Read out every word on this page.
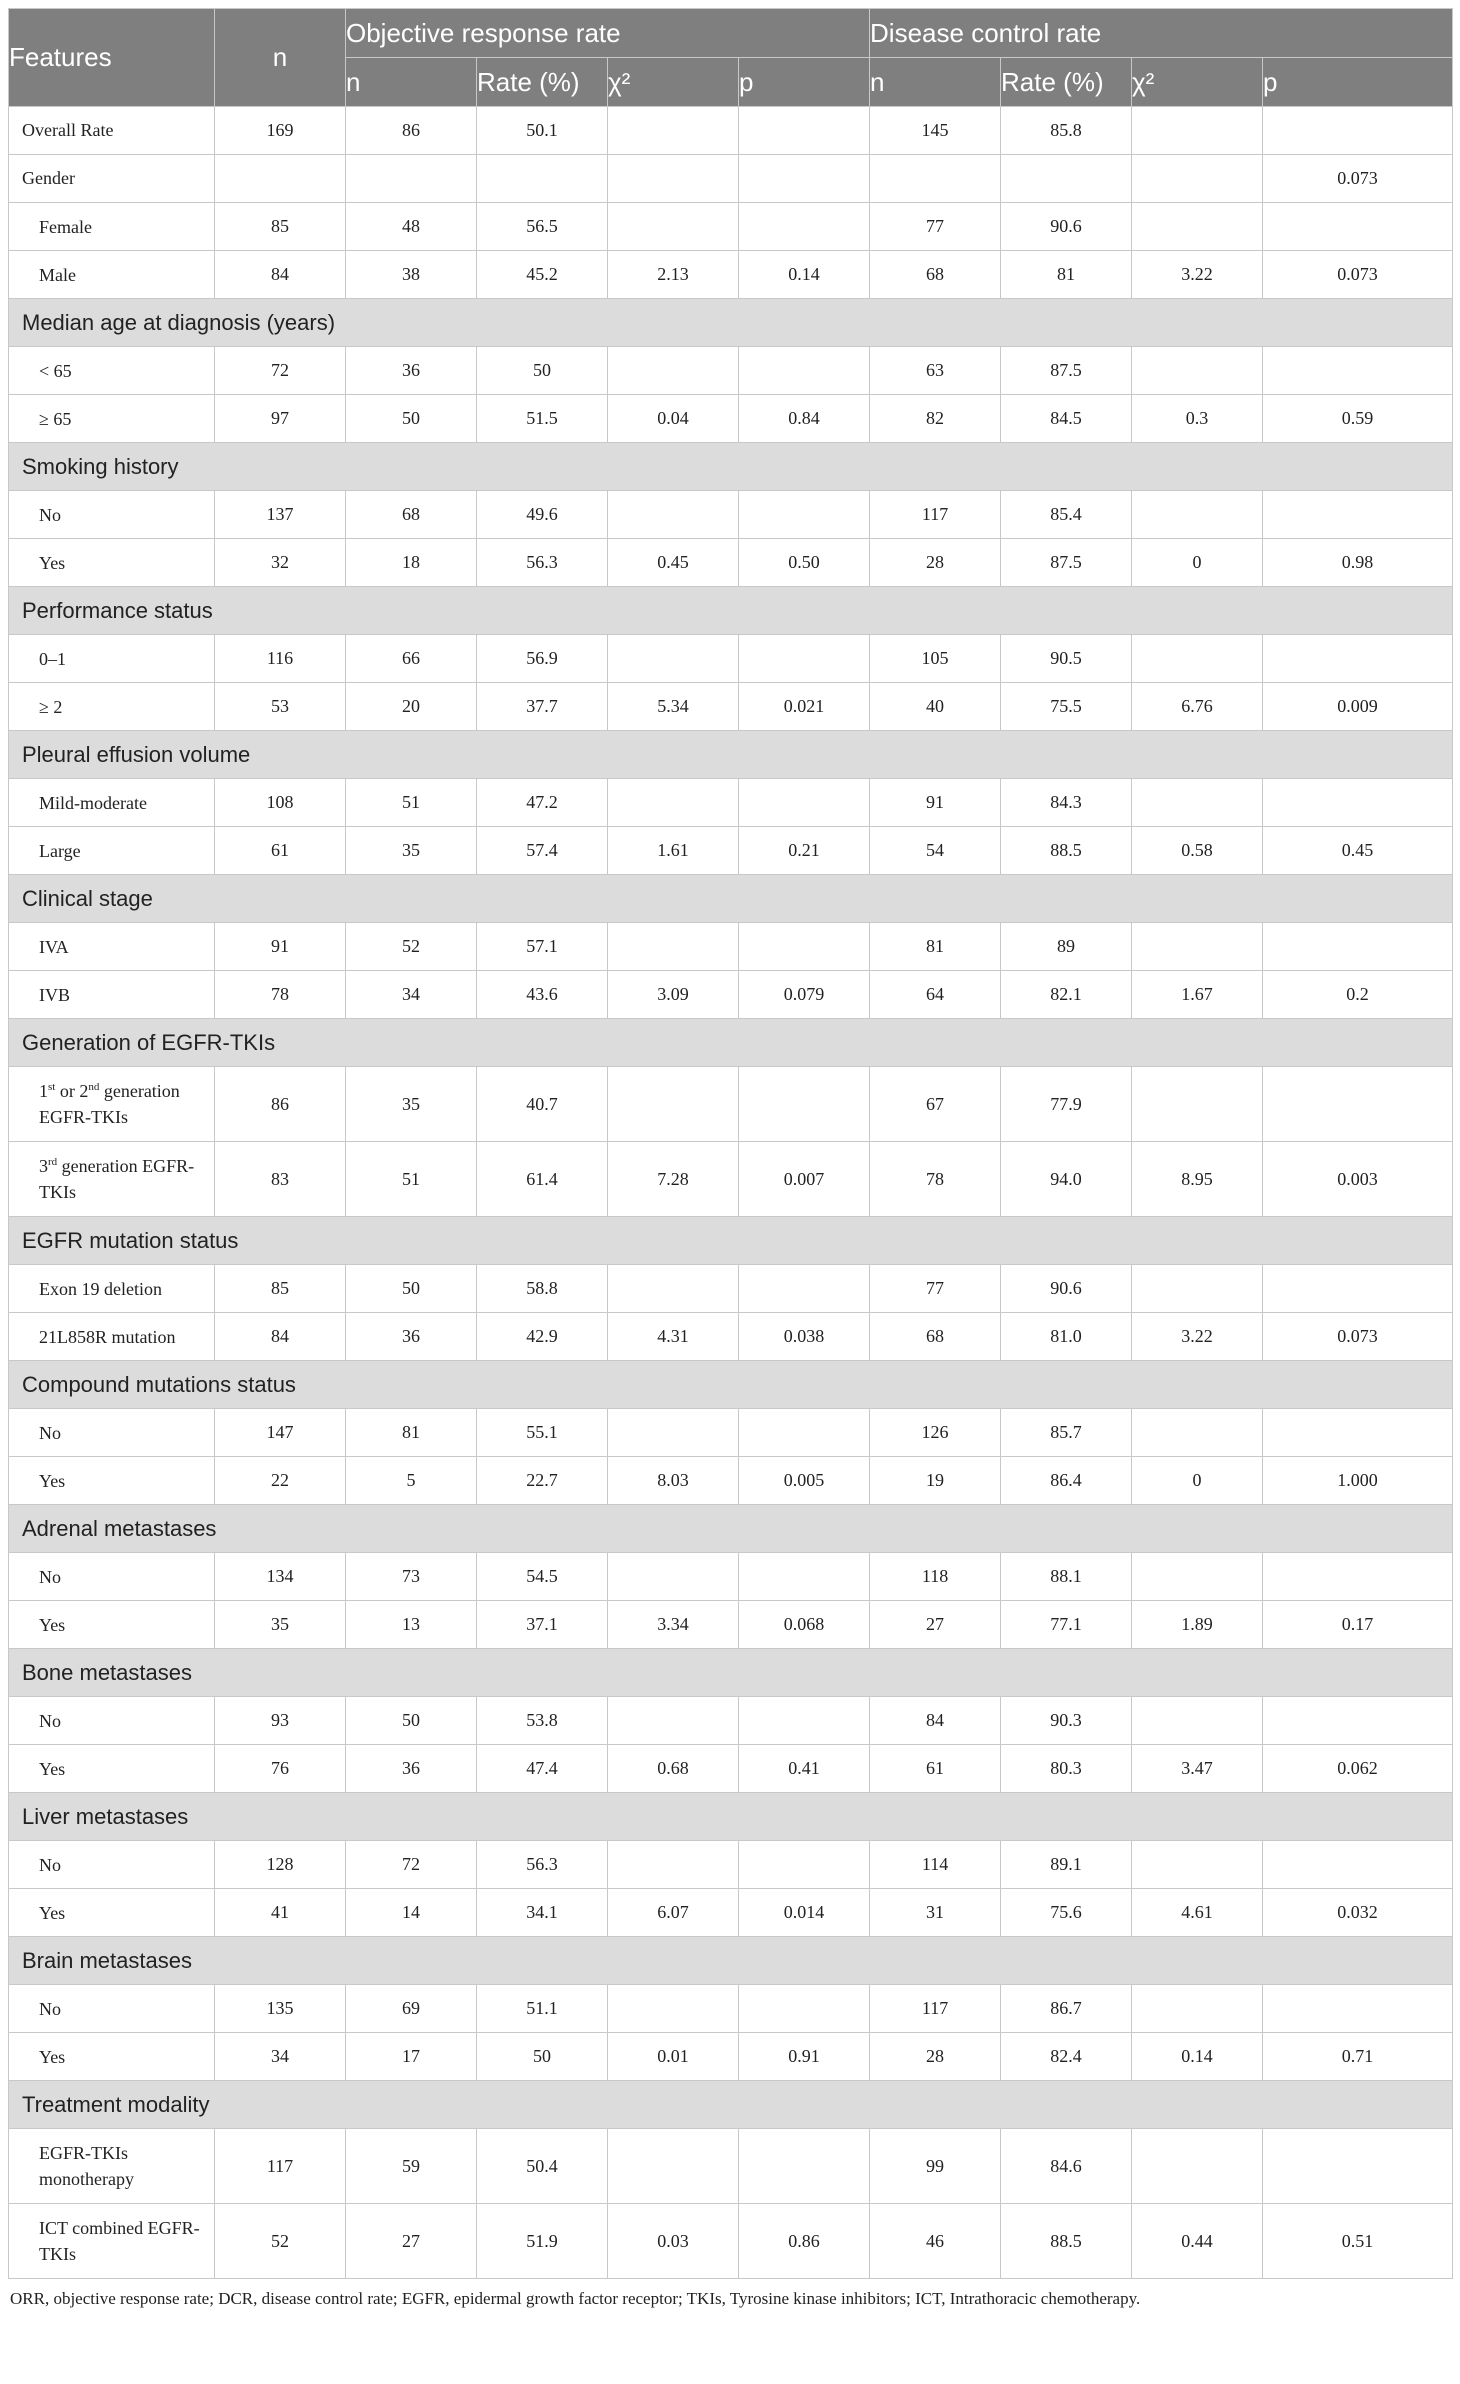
Features	n	Objective response rate				Disease control rate			
		n	Rate (%)	χ²	p	n	Rate (%)	χ²	p
Overall Rate	169	86	50.1			145	85.8		
Gender									0.073

Female	85	48	56.5			77	90.6		

Male	84	38	45.2	2.13	0.14	68	81	3.22	0.073
Median age at diagnosis (years)									

< 65	72	36	50			63	87.5		

≥ 65	97	50	51.5	0.04	0.84	82	84.5	0.3	0.59
Smoking history									

No	137	68	49.6			117	85.4		

Yes	32	18	56.3	0.45	0.50	28	87.5	0	0.98
Performance status									

0–1	116	66	56.9			105	90.5		

≥ 2	53	20	37.7	5.34	0.021	40	75.5	6.76	0.009
Pleural effusion volume									

Mild-moderate	108	51	47.2			91	84.3		

Large	61	35	57.4	1.61	0.21	54	88.5	0.58	0.45
Clinical stage									

IVA	91	52	57.1			81	89		

IVB	78	34	43.6	3.09	0.079	64	82.1	1.67	0.2
Generation of EGFR-TKIs									

1st or 2nd generation EGFR-TKIs	86	35	40.7			67	77.9		

3rd generation EGFR-TKIs	83	51	61.4	7.28	0.007	78	94.0	8.95	0.003
EGFR mutation status									

Exon 19 deletion	85	50	58.8			77	90.6		

21L858R mutation	84	36	42.9	4.31	0.038	68	81.0	3.22	0.073
Compound mutations status									

No	147	81	55.1			126	85.7		

Yes	22	5	22.7	8.03	0.005	19	86.4	0	1.000
Adrenal metastases									

No	134	73	54.5			118	88.1		

Yes	35	13	37.1	3.34	0.068	27	77.1	1.89	0.17
Bone metastases									

No	93	50	53.8			84	90.3		

Yes	76	36	47.4	0.68	0.41	61	80.3	3.47	0.062
Liver metastases									

No	128	72	56.3			114	89.1		

Yes	41	14	34.1	6.07	0.014	31	75.6	4.61	0.032
Brain metastases									

No	135	69	51.1			117	86.7		

Yes	34	17	50	0.01	0.91	28	82.4	0.14	0.71
Treatment modality									

EGFR-TKIs monotherapy	117	59	50.4			99	84.6		

ICT combined EGFR-TKIs	52	27	51.9	0.03	0.86	46	88.5	0.44	0.51
ORR, objective response rate; DCR, disease control rate; EGFR, epidermal growth factor receptor; TKIs, Tyrosine kinase inhibitors; ICT, Intrathoracic chemotherapy.
